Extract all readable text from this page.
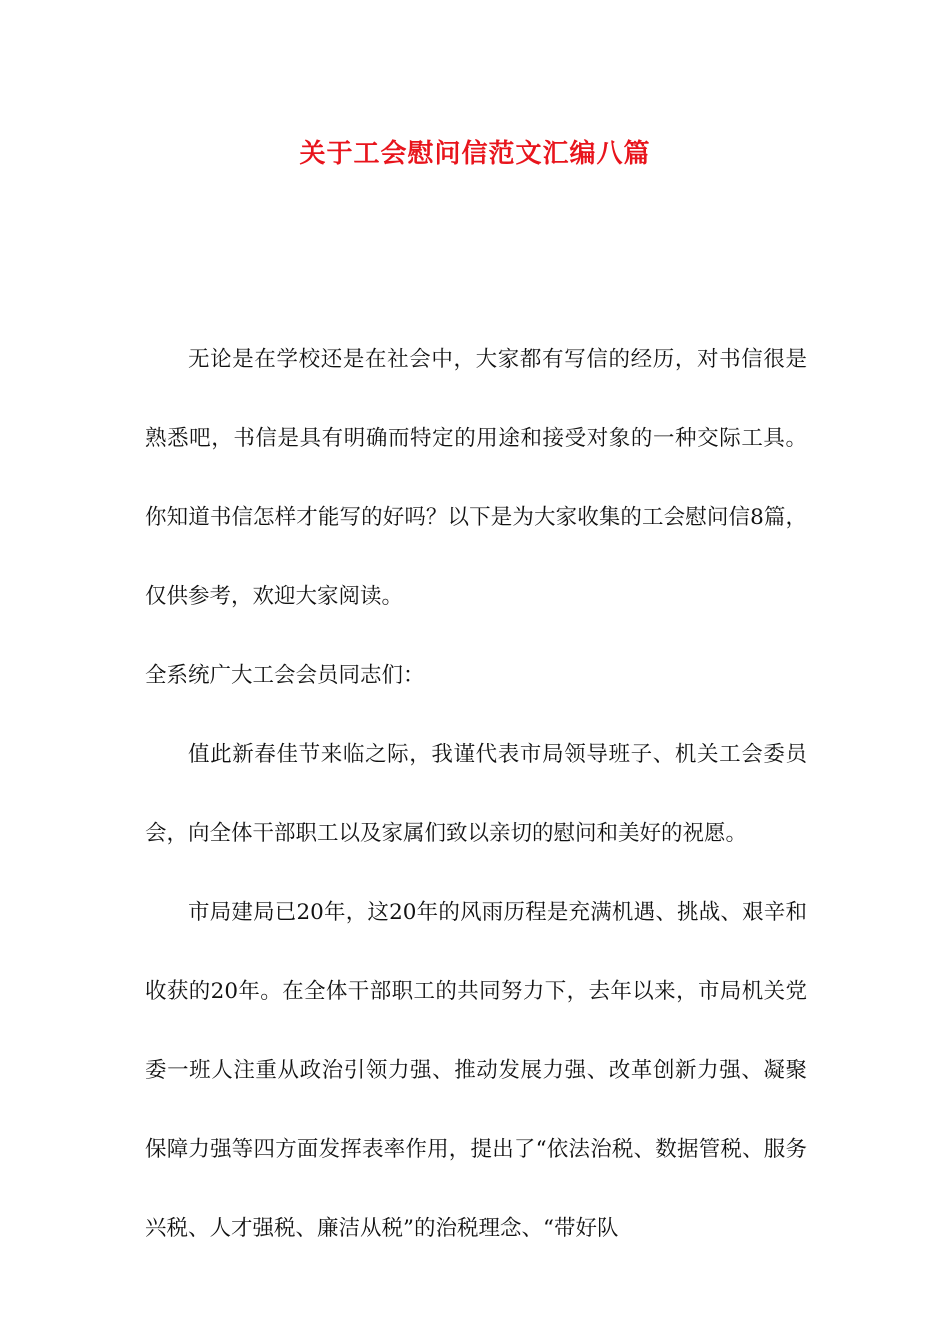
关于工会慰问信范文汇编八篇

无论是在学校还是在社会中，大家都有写信的经历，对书信很是熟悉吧，书信是具有明确而特定的用途和接受对象的一种交际工具。你知道书信怎样才能写的好吗？以下是为大家收集的工会慰问信8篇，仅供参考，欢迎大家阅读。

全系统广大工会会员同志们：

值此新春佳节来临之际，我谨代表市局领导班子、机关工会委员会，向全体干部职工以及家属们致以亲切的慰问和美好的祝愿。

市局建局已20年，这20年的风雨历程是充满机遇、挑战、艰辛和收获的20年。在全体干部职工的共同努力下，去年以来，市局机关党委一班人注重从政治引领力强、推动发展力强、改革创新力强、凝聚保障力强等四方面发挥表率作用，提出了“依法治税、数据管税、服务兴税、人才强税、廉洁从税”的治税理念、“带好队
